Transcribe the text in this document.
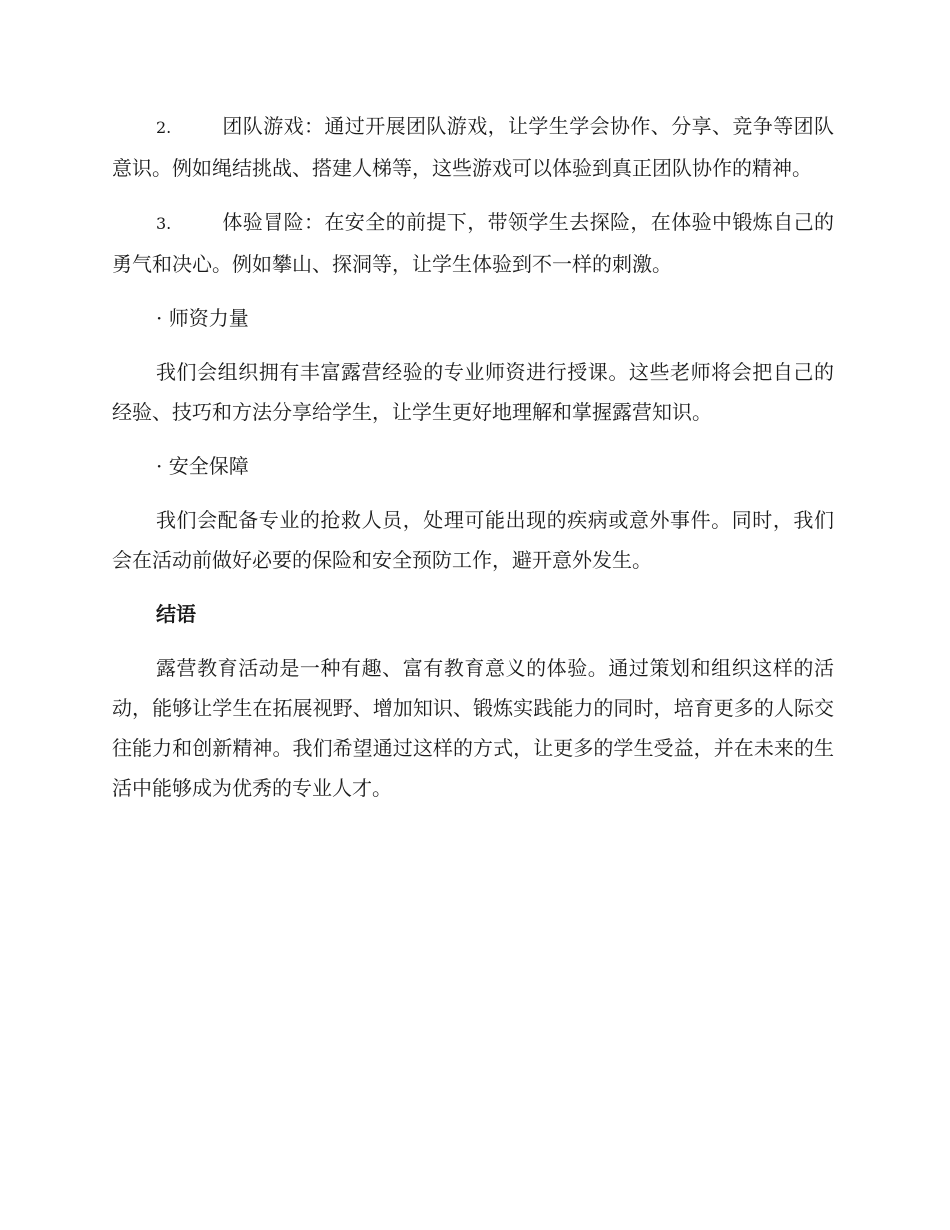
2.	团队游戏：通过开展团队游戏，让学生学会协作、分享、竞争等团队意识。例如绳结挑战、搭建人梯等，这些游戏可以体验到真正团队协作的精神。

3.	体验冒险：在安全的前提下，带领学生去探险，在体验中锻炼自己的勇气和决心。例如攀山、探洞等，让学生体验到不一样的刺激。

· 师资力量

我们会组织拥有丰富露营经验的专业师资进行授课。这些老师将会把自己的经验、技巧和方法分享给学生，让学生更好地理解和掌握露营知识。

· 安全保障

我们会配备专业的抢救人员，处理可能出现的疾病或意外事件。同时，我们会在活动前做好必要的保险和安全预防工作，避开意外发生。

结语

露营教育活动是一种有趣、富有教育意义的体验。通过策划和组织这样的活动，能够让学生在拓展视野、增加知识、锻炼实践能力的同时，培育更多的人际交往能力和创新精神。我们希望通过这样的方式，让更多的学生受益，并在未来的生活中能够成为优秀的专业人才。
